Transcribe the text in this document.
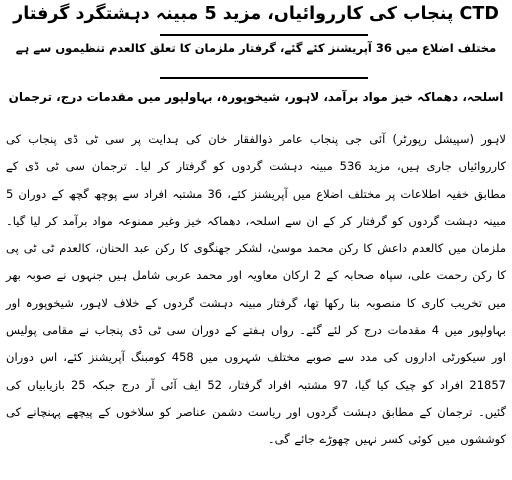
CTD پنجاب کی کارروائیاں، مزید 5 مبینہ دہشتگرد گرفتار
مختلف اضلاع میں 36 آپریشنز کئے گئے، گرفتار ملزمان کا تعلق کالعدم تنظیموں سے ہے
اسلحہ، دھماکہ خیز مواد برآمد، لاہور، شیخوپورہ، بہاولپور میں مقدمات درج، ترجمان
لاہور (سپیشل رپورٹر) آئی جی پنجاب عامر ذوالفقار خان کی ہدایت پر سی ٹی ڈی پنجاب کی کارروائیاں جاری ہیں، مزید 536 مبینہ دہشت گردوں کو گرفتار کر لیا۔ ترجمان سی ٹی ڈی کے مطابق خفیہ اطلاعات پر مختلف اضلاع میں آپریشنز کئے، 36 مشتبہ افراد سے پوچھ گچھ کے دوران 5 مبینہ دہشت گردوں کو گرفتار کر کے ان سے اسلحہ، دھماکہ خیز وغیر ممنوعہ مواد برآمد کر لیا گیا۔ ملزمان میں کالعدم داعش کا رکن محمد موسیٰ، لشکر جھنگوی کا رکن عبد الحنان، کالعدم ٹی ٹی پی کا رکن رحمت علی، سپاہ صحابہ کے 2 ارکان معاویہ اور محمد عربی شامل ہیں جنہوں نے صوبہ بھر میں تخریب کاری کا منصوبہ بنا رکھا تھا، گرفتار مبینہ دہشت گردوں کے خلاف لاہور، شیخوپورہ اور بہاولپور میں 4 مقدمات درج کر لئے گئے۔ رواں ہفتے کے دوران سی ٹی ڈی پنجاب نے مقامی پولیس اور سیکورٹی اداروں کی مدد سے صوبے مختلف شہروں میں 458 کومبنگ آپریشنز کئے، اس دوران 21857 افراد کو چیک کیا گیا، 97 مشتبہ افراد گرفتار، 52 ایف آئی آر درج جبکہ 25 بازیابیاں کی گئیں۔ ترجمان کے مطابق دہشت گردوں اور ریاست دشمن عناصر کو سلاخوں کے پیچھے پہنچانے کی کوششوں میں کوئی کسر نہیں چھوڑے جائے گی۔
